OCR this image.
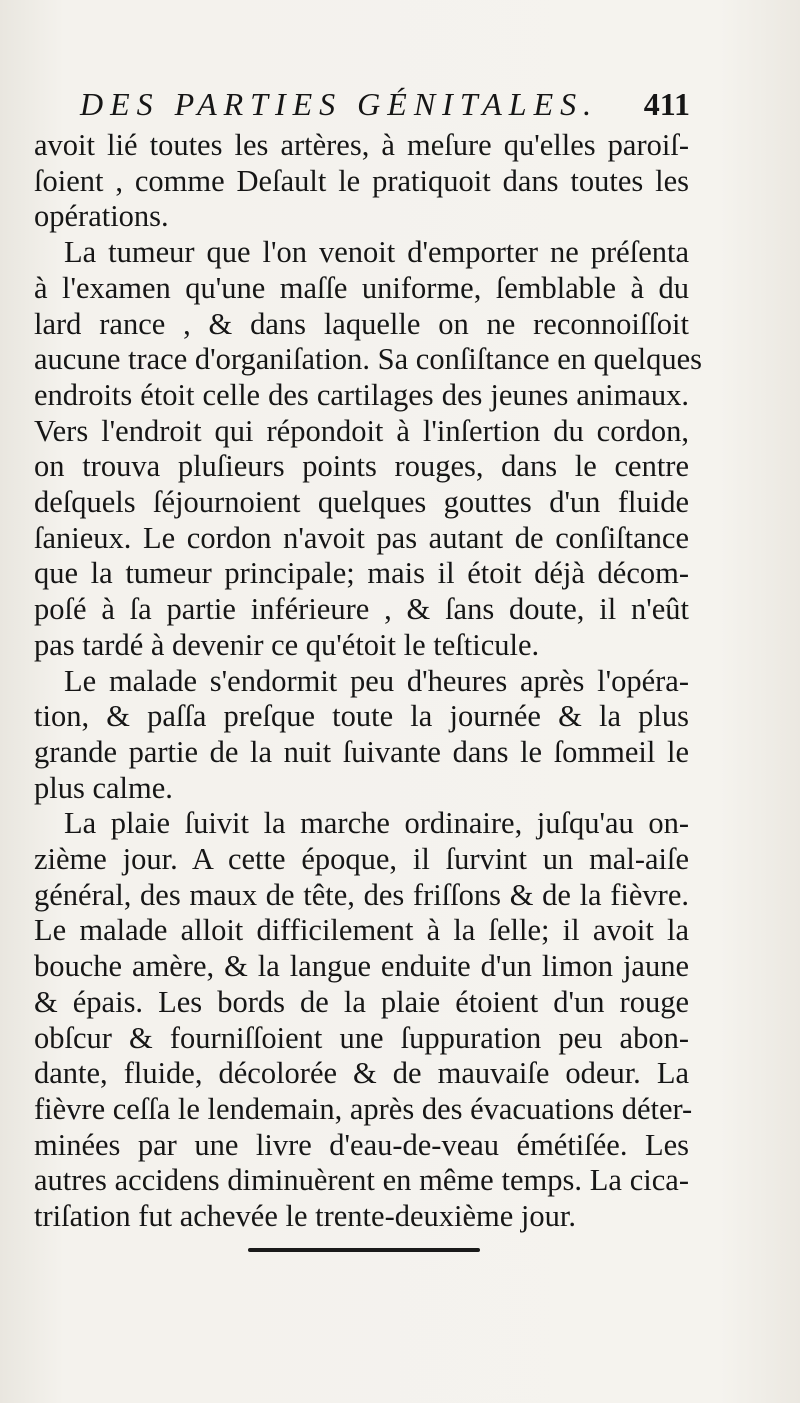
DES PARTIES GÉNITALES. 411
avoit lié toutes les artères, à meſure qu'elles paroiſ-
ſoient , comme Deſault le pratiquoit dans toutes les
opérations.
La tumeur que l'on venoit d'emporter ne préſenta
à l'examen qu'une maſſe uniforme, ſemblable à du
lard rance , & dans laquelle on ne reconnoiſſoit
aucune trace d'organiſation. Sa conſiſtance en quelques
endroits étoit celle des cartilages des jeunes animaux.
Vers l'endroit qui répondoit à l'inſertion du cordon,
on trouva pluſieurs points rouges, dans le centre
deſquels ſéjournoient quelques gouttes d'un fluide
ſanieux. Le cordon n'avoit pas autant de conſiſtance
que la tumeur principale; mais il étoit déjà décom-
poſé à ſa partie inférieure , & ſans doute, il n'eût
pas tardé à devenir ce qu'étoit le teſticule.
Le malade s'endormit peu d'heures après l'opéra-
tion, & paſſa preſque toute la journée & la plus
grande partie de la nuit ſuivante dans le ſommeil le
plus calme.
La plaie ſuivit la marche ordinaire, juſqu'au on-
zième jour. A cette époque, il ſurvint un mal-aiſe
général, des maux de tête, des friſſons & de la fièvre.
Le malade alloit difficilement à la ſelle; il avoit la
bouche amère, & la langue enduite d'un limon jaune
& épais. Les bords de la plaie étoient d'un rouge
obſcur & fourniſſoient une ſuppuration peu abon-
dante, fluide, décolorée & de mauvaiſe odeur. La
fièvre ceſſa le lendemain, après des évacuations déter-
minées par une livre d'eau-de-veau émétiſée. Les
autres accidens diminuèrent en même temps. La cica-
triſation fut achevée le trente-deuxième jour.
